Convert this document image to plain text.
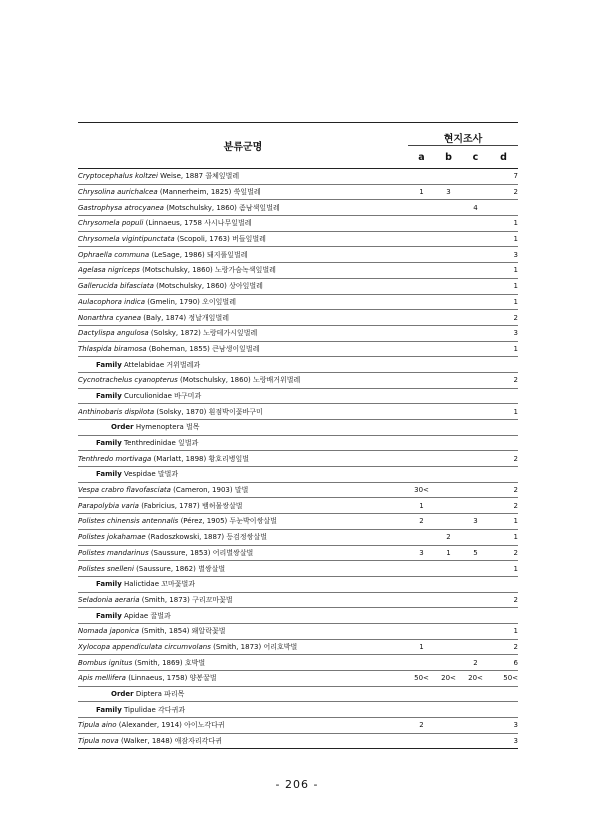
분류군명	현지조사			
	a	b	c	d
Cryptocephalus koltzei Weise, 1887 콜체잎벌레				7
Chrysolina aurichalcea (Mannerheim, 1825) 쑥잎벌레	1	3		2
Gastrophysa atrocyanea (Motschulsky, 1860) 좀남색잎벌레			4	
Chrysomela populi (Linnaeus, 1758 사시나무잎벌레				1
Chrysomela vigintipunctata (Scopoli, 1763) 버들잎벌레				1
Ophraella communa (LeSage, 1986) 돼지풀잎벌레				3
Agelasa nigriceps (Motschulsky, 1860) 노랑가슴녹색잎벌레				1
Gallerucida bifasciata (Motschulsky, 1860) 상아잎벌레				1
Aulacophora indica (Gmelin, 1790) 오이잎벌레				1
Nonarthra cyanea (Baly, 1874) 정날개잎벌레				2
Dactylispa angulosa (Solsky, 1872) 노랑테가시잎벌레				3
Thlaspida biramosa (Boheman, 1855) 큰남생이잎벌레				1
Family Attelabidae 거위벌레과				
Cycnotrachelus cyanopterus (Motschulsky, 1860) 노랑배거위벌레				2
Family Curculionidae 바구미과				
Anthinobaris dispilota (Solsky, 1870) 흰점박이꽃바구미				1
Order Hymenoptera 벌목				
Family Tenthredinidae 잎벌과				
Tenthredo mortivaga (Marlatt, 1898) 황호리병잎벌				2
Family Vespidae 말벌과				
Vespa crabro flavofasciata (Cameron, 1903) 말벌	30<			2
Parapolybia varia (Fabricius, 1787) 뱀허물쌍살벌	1			2
Polistes chinensis antennalis (Pérez, 1905) 두눈박이쌍살벌	2		3	1
Polistes jokahamae (Radoszkowski, 1887) 등검정쌍살벌		2		1
Polistes mandarinus (Saussure, 1853) 어리별쌍살벌	3	1	5	2
Polistes snelleni (Saussure, 1862) 별쌍살벌				1
Family Halictidae 꼬마꽃벌과				
Seladonia aeraria (Smith, 1873) 구리꼬마꽃벌				2
Family Apidae 꿀벌과				
Nomada japonica (Smith, 1854) 왜알락꽃벌				1
Xylocopa appendiculata circumvolans (Smith, 1873) 어리호박벌	1			2
Bombus ignitus (Smith, 1869) 호박벌			2	6
Apis mellifera (Linnaeus, 1758) 양봉꿀벌	50<	20<	20<	50<
Order Diptera 파리목				
Family Tipulidae 각다귀과				
Tipula aino (Alexander, 1914) 아이노각다귀	2			3
Tipula nova (Walker, 1848) 애잠자리각다귀				3
- 206 -
